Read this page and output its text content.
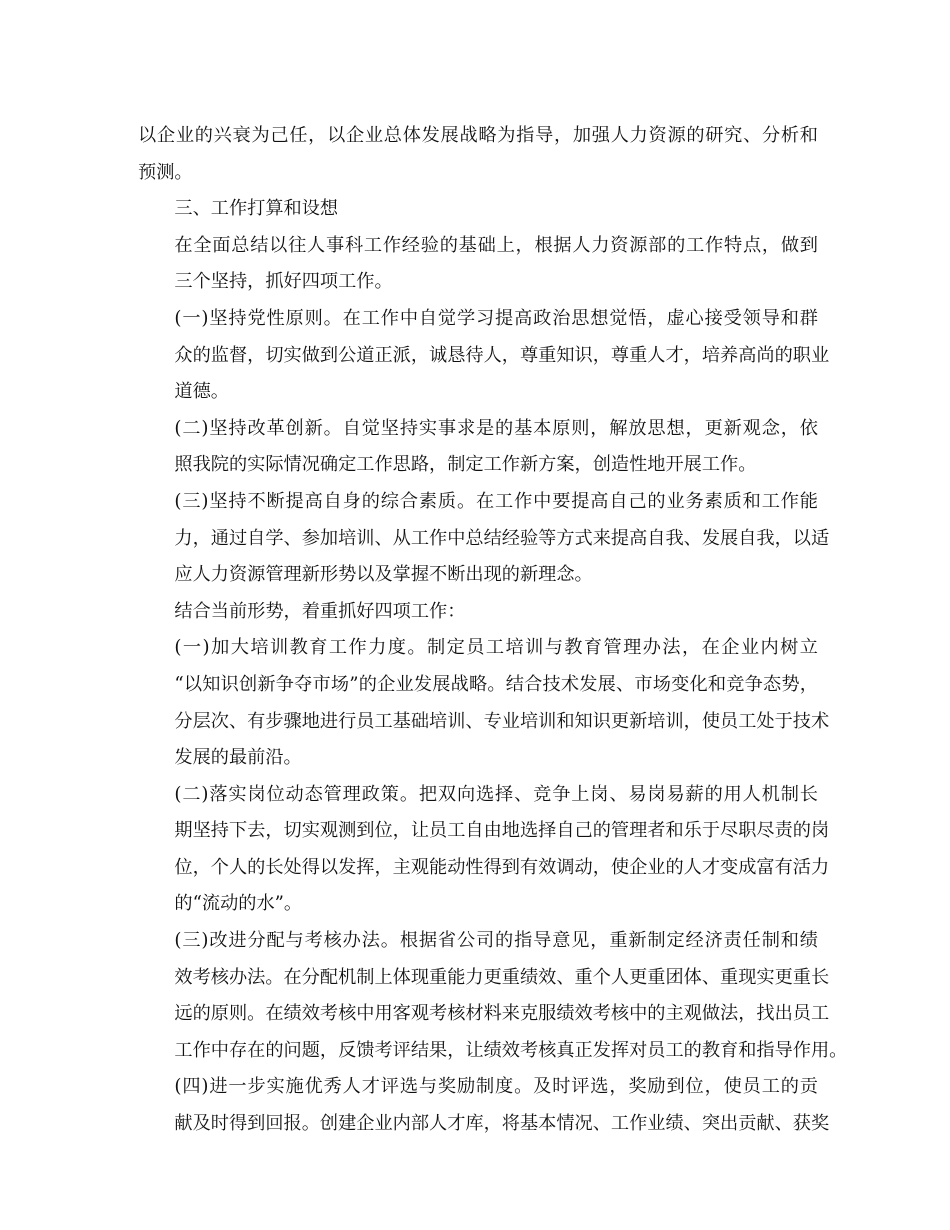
以企业的兴衰为己任，以企业总体发展战略为指导，加强人力资源的研究、分析和
预测。

三、工作打算和设想

在全面总结以往人事科工作经验的基础上，根据人力资源部的工作特点，做到
三个坚持，抓好四项工作。

(一)坚持党性原则。在工作中自觉学习提高政治思想觉悟，虚心接受领导和群
众的监督，切实做到公道正派，诚恳待人，尊重知识，尊重人才，培养高尚的职业
道德。

(二)坚持改革创新。自觉坚持实事求是的基本原则，解放思想，更新观念，依
照我院的实际情况确定工作思路，制定工作新方案，创造性地开展工作。

(三)坚持不断提高自身的综合素质。在工作中要提高自己的业务素质和工作能
力，通过自学、参加培训、从工作中总结经验等方式来提高自我、发展自我，以适
应人力资源管理新形势以及掌握不断出现的新理念。

结合当前形势，着重抓好四项工作：

(一)加大培训教育工作力度。制定员工培训与教育管理办法，在企业内树立
“以知识创新争夺市场”的企业发展战略。结合技术发展、市场变化和竞争态势，
分层次、有步骤地进行员工基础培训、专业培训和知识更新培训，使员工处于技术
发展的最前沿。

(二)落实岗位动态管理政策。把双向选择、竞争上岗、易岗易薪的用人机制长
期坚持下去，切实观测到位，让员工自由地选择自己的管理者和乐于尽职尽责的岗
位，个人的长处得以发挥，主观能动性得到有效调动，使企业的人才变成富有活力
的“流动的水”。

(三)改进分配与考核办法。根据省公司的指导意见，重新制定经济责任制和绩
效考核办法。在分配机制上体现重能力更重绩效、重个人更重团体、重现实更重长
远的原则。在绩效考核中用客观考核材料来克服绩效考核中的主观做法，找出员工
工作中存在的问题，反馈考评结果，让绩效考核真正发挥对员工的教育和指导作用。

(四)进一步实施优秀人才评选与奖励制度。及时评选，奖励到位，使员工的贡
献及时得到回报。创建企业内部人才库，将基本情况、工作业绩、突出贡献、获奖
